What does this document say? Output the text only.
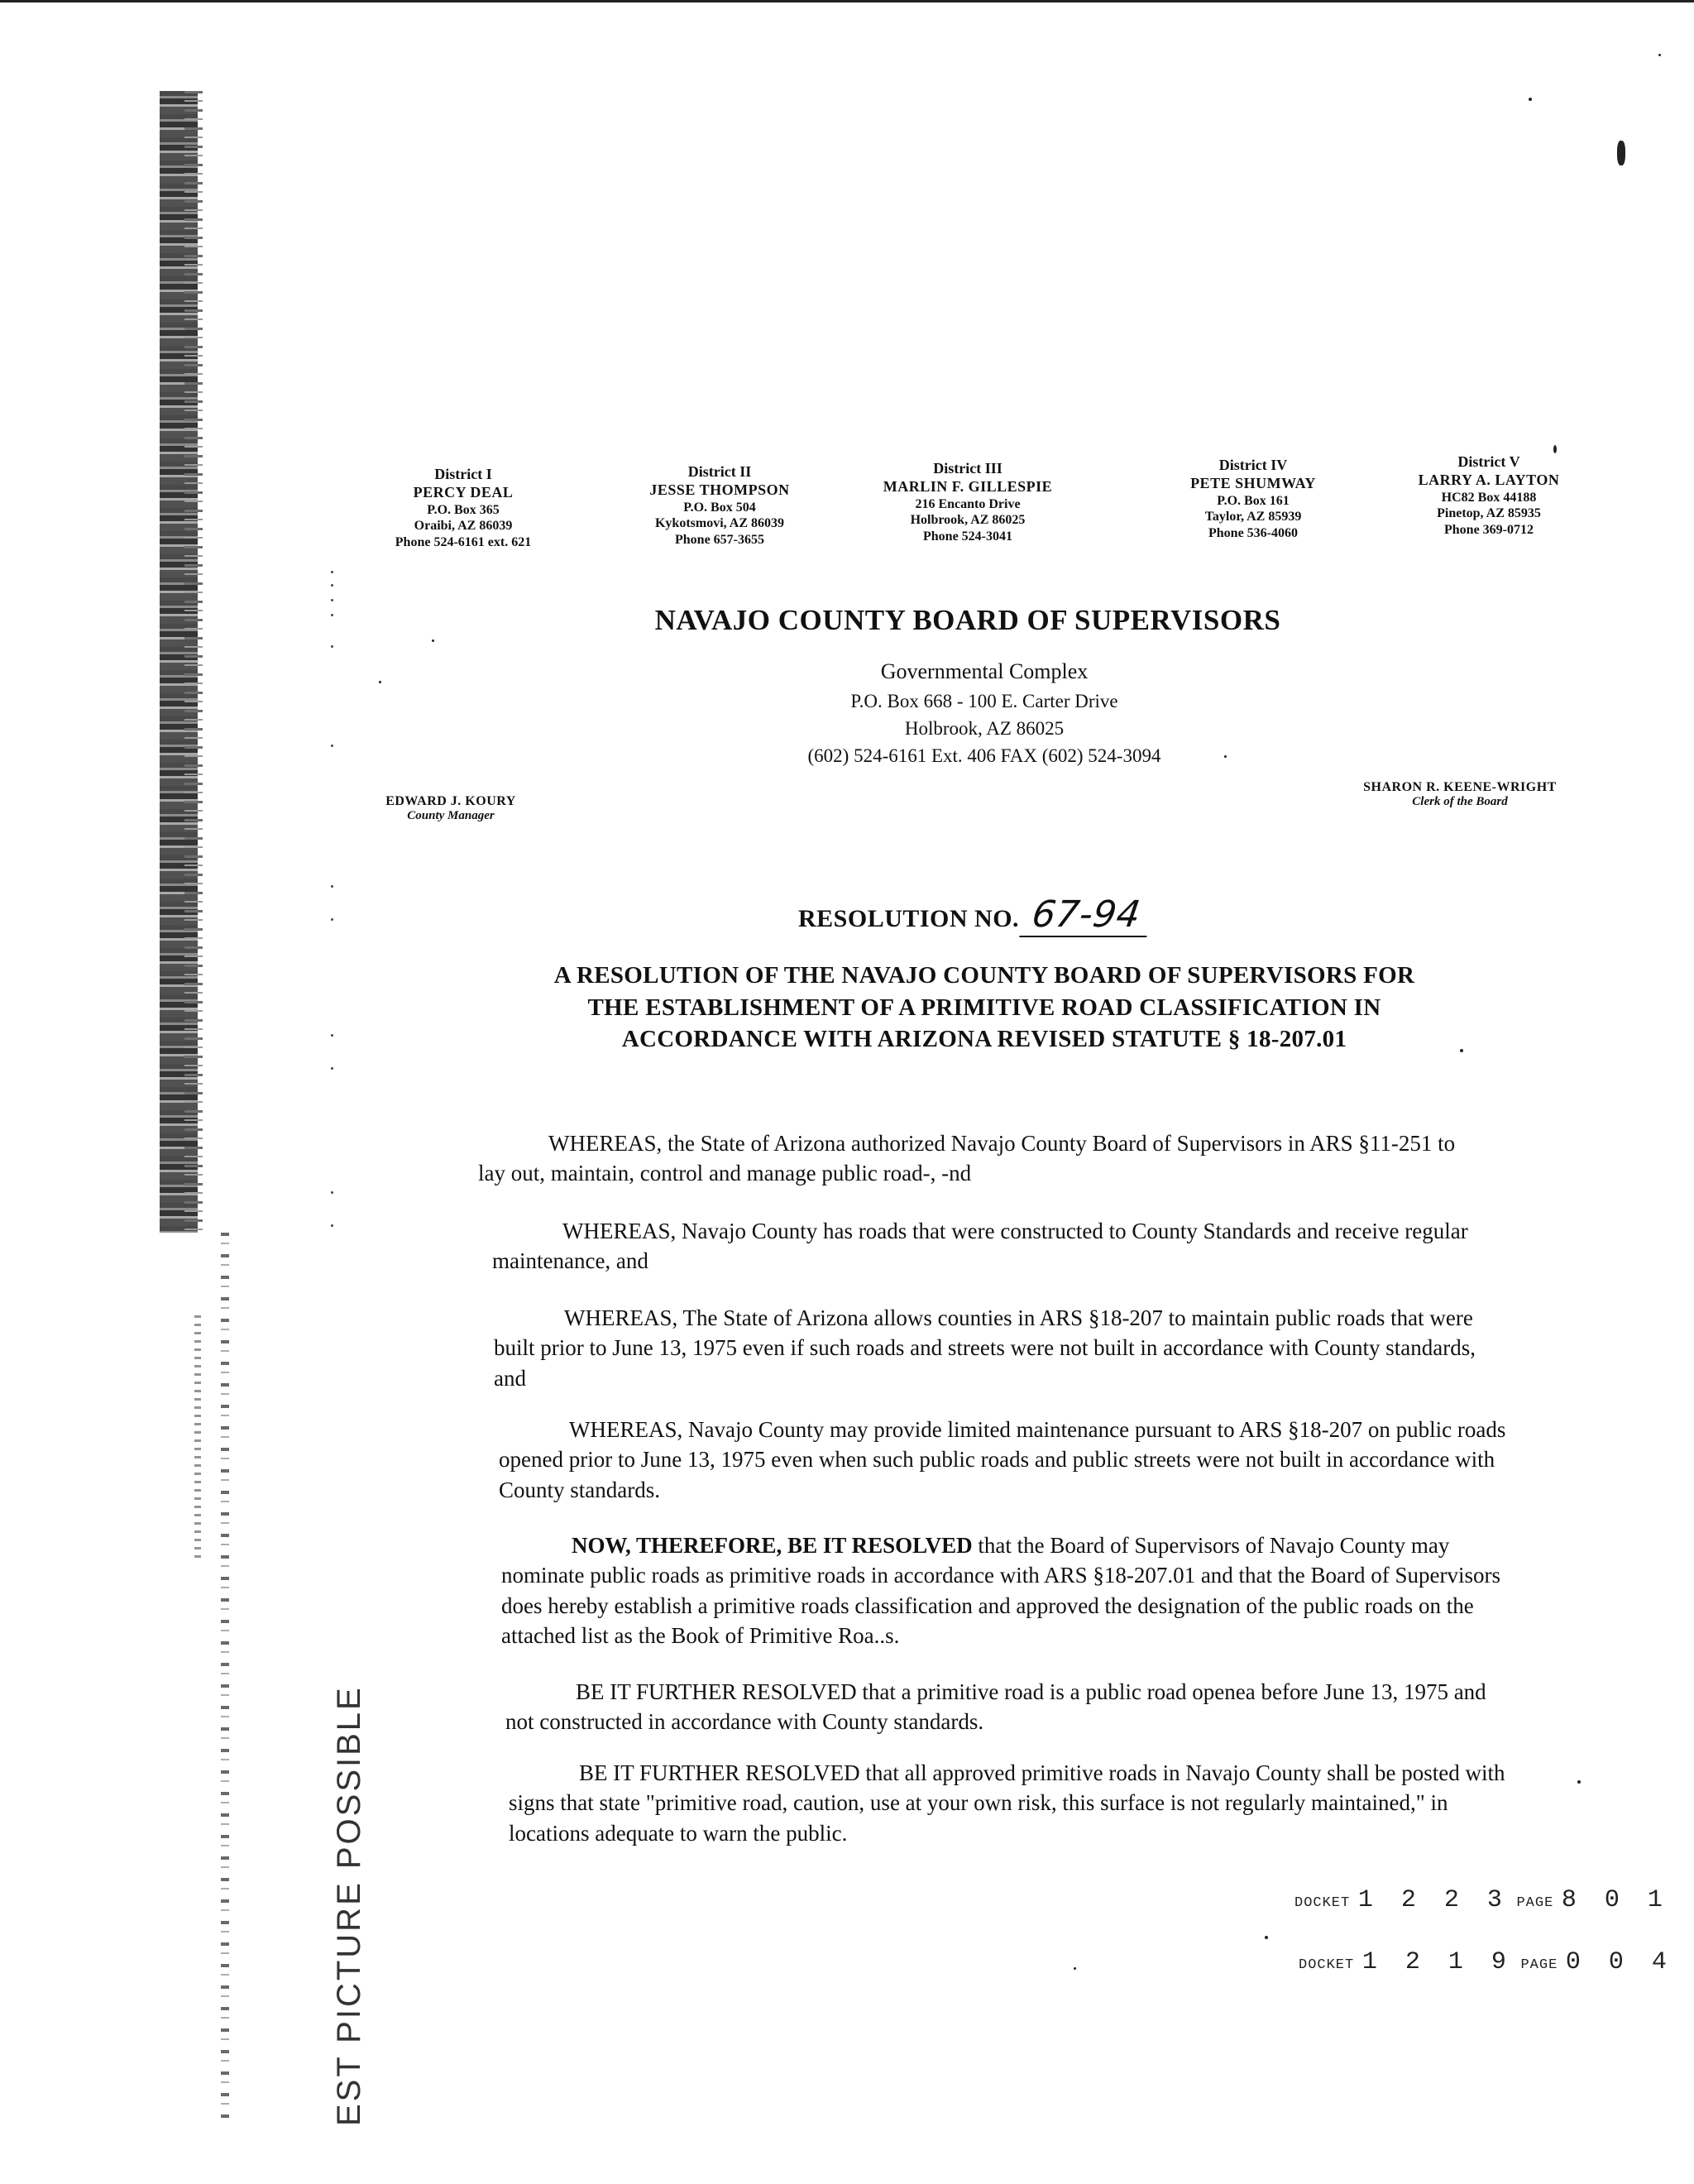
EST PICTURE POSSIBLE
District I
PERCY DEAL
P.O. Box 365
Oraibi, AZ 86039
Phone 524-6161 ext. 621
District II
JESSE THOMPSON
P.O. Box 504
Kykotsmovi, AZ 86039
Phone 657-3655
District III
MARLIN F. GILLESPIE
216 Encanto Drive
Holbrook, AZ 86025
Phone 524-3041
District IV
PETE SHUMWAY
P.O. Box 161
Taylor, AZ 85939
Phone 536-4060
District V
LARRY A. LAYTON
HC82 Box 44188
Pinetop, AZ 85935
Phone 369-0712
NAVAJO COUNTY BOARD OF SUPERVISORS
Governmental Complex
P.O. Box 668 - 100 E. Carter Drive
Holbrook, AZ 86025
(602) 524-6161 Ext. 406 FAX (602) 524-3094
EDWARD J. KOURY
County Manager
SHARON R. KEENE-WRIGHT
Clerk of the Board
RESOLUTION NO. 67-94
A RESOLUTION OF THE NAVAJO COUNTY BOARD OF SUPERVISORS FOR THE ESTABLISHMENT OF A PRIMITIVE ROAD CLASSIFICATION IN ACCORDANCE WITH ARIZONA REVISED STATUTE § 18-207.01

WHEREAS, the State of Arizona authorized Navajo County Board of Supervisors in ARS §11-251 to lay out, maintain, control and manage public road-, -nd

WHEREAS, Navajo County has roads that were constructed to County Standards and receive regular maintenance, and

WHEREAS, The State of Arizona allows counties in ARS §18-207 to maintain public roads that were built prior to June 13, 1975 even if such roads and streets were not built in accordance with County standards, and

WHEREAS, Navajo County may provide limited maintenance pursuant to ARS §18-207 on public roads opened prior to June 13, 1975 even when such public roads and public streets were not built in accordance with County standards.

NOW, THEREFORE, BE IT RESOLVED that the Board of Supervisors of Navajo County may nominate public roads as primitive roads in accordance with ARS §18-207.01 and that the Board of Supervisors does hereby establish a primitive roads classification and approved the designation of the public roads on the attached list as the Book of Primitive Roa..s.

BE IT FURTHER RESOLVED that a primitive road is a public road openea before June 13, 1975 and not constructed in accordance with County standards.

BE IT FURTHER RESOLVED that all approved primitive roads in Navajo County shall be posted with signs that state "primitive road, caution, use at your own risk, this surface is not regularly maintained," in locations adequate to warn the public.

DOCKET 1 2 2 3 PAGE 8 0 1
DOCKET 1 2 1 9 PAGE 0 0 4
